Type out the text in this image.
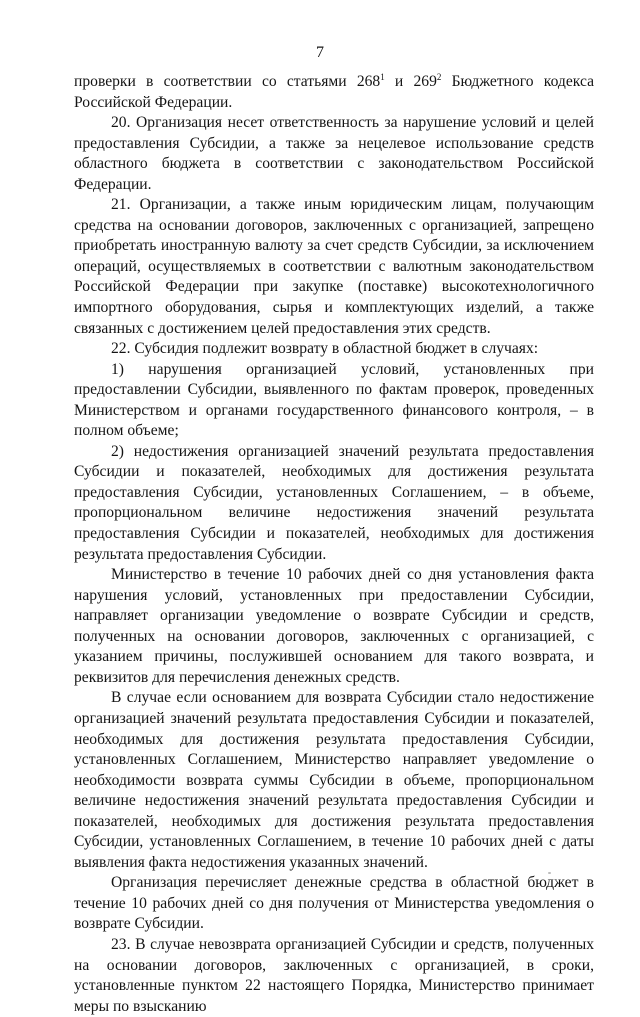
7

проверки в соответствии со статьями $268^1$ и $269^2$ Бюджетного кодекса Российской Федерации.

20. Организация несет ответственность за нарушение условий и целей предоставления Субсидии, а также за нецелевое использование средств областного бюджета в соответствии с законодательством Российской Федерации.

21. Организации, а также иным юридическим лицам, получающим средства на основании договоров, заключенных с организацией, запрещено приобретать иностранную валюту за счет средств Субсидии, за исключением операций, осуществляемых в соответствии с валютным законодательством Российской Федерации при закупке (поставке) высокотехнологичного импортного оборудования, сырья и комплектующих изделий, а также связанных с достижением целей предоставления этих средств.

22. Субсидия подлежит возврату в областной бюджет в случаях:

1) нарушения организацией условий, установленных при предоставлении Субсидии, выявленного по фактам проверок, проведенных Министерством и органами государственного финансового контроля, – в полном объеме;

2) недостижения организацией значений результата предоставления Субсидии и показателей, необходимых для достижения результата предоставления Субсидии, установленных Соглашением, – в объеме, пропорциональном величине недостижения значений результата предоставления Субсидии и показателей, необходимых для достижения результата предоставления Субсидии.

Министерство в течение 10 рабочих дней со дня установления факта нарушения условий, установленных при предоставлении Субсидии, направляет организации уведомление о возврате Субсидии и средств, полученных на основании договоров, заключенных с организацией, с указанием причины, послужившей основанием для такого возврата, и реквизитов для перечисления денежных средств.

В случае если основанием для возврата Субсидии стало недостижение организацией значений результата предоставления Субсидии и показателей, необходимых для достижения результата предоставления Субсидии, установленных Соглашением, Министерство направляет уведомление о необходимости возврата суммы Субсидии в объеме, пропорциональном величине недостижения значений результата предоставления Субсидии и показателей, необходимых для достижения результата предоставления Субсидии, установленных Соглашением, в течение 10 рабочих дней с даты выявления факта недостижения указанных значений.

Организация перечисляет денежные средства в областной бюджет в течение 10 рабочих дней со дня получения от Министерства уведомления о возврате Субсидии.

23. В случае невозврата организацией Субсидии и средств, полученных на основании договоров, заключенных с организацией, в сроки, установленные пунктом 22 настоящего Порядка, Министерство принимает меры по взысканию
